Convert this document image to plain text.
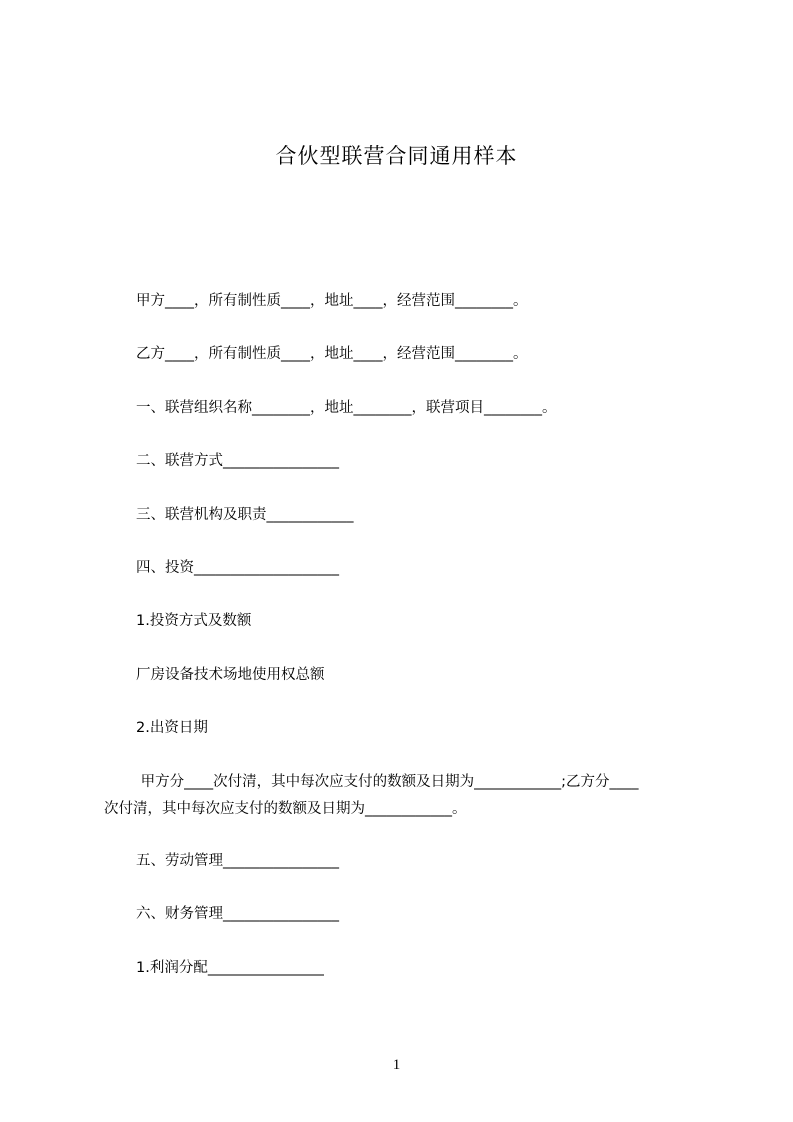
合伙型联营合同通用样本
甲方____，所有制性质____，地址____，经营范围________。
乙方____，所有制性质____，地址____，经营范围________。
一、联营组织名称________，地址________，联营项目________。
二、联营方式________________
三、联营机构及职责____________
四、投资____________________
1.投资方式及数额
厂房设备技术场地使用权总额
2.出资日期
甲方分____次付清，其中每次应支付的数额及日期为____________;乙方分____
次付清，其中每次应支付的数额及日期为____________。
五、劳动管理________________
六、财务管理________________
1.利润分配________________
1
